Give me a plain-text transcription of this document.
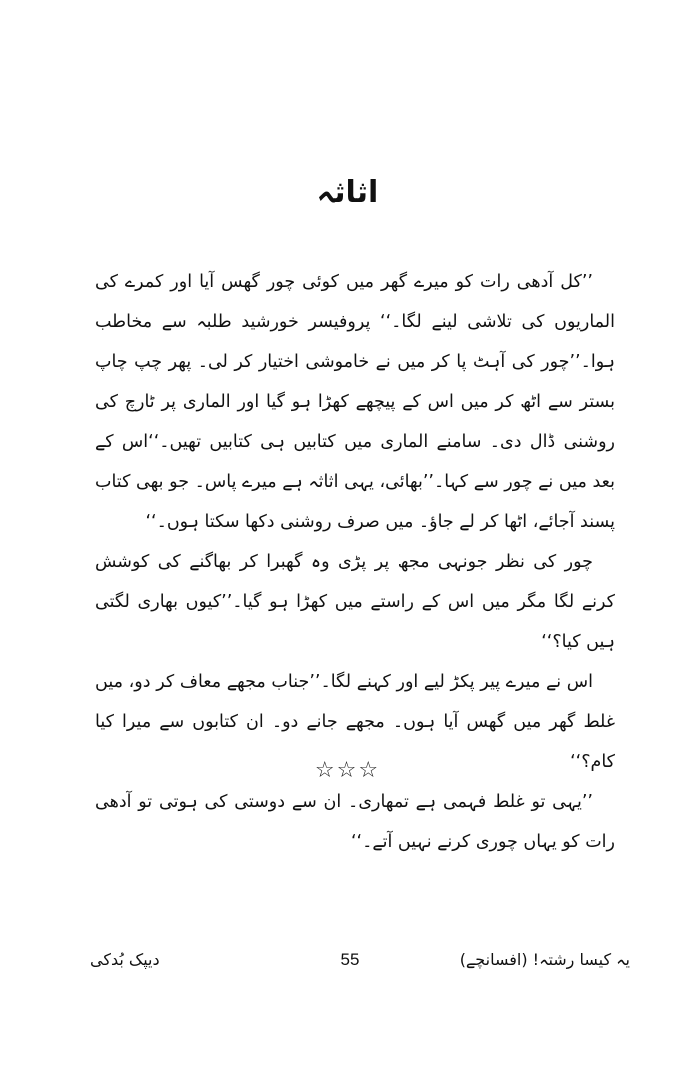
اثاثہ

’’کل آدھی رات کو میرے گھر میں کوئی چور گھس آیا اور کمرے کی الماریوں کی تلاشی لینے لگا۔‘‘ پروفیسر خورشید طلبہ سے مخاطب ہوا۔’’چور کی آہٹ پا کر میں نے خاموشی اختیار کر لی۔ پھر چپ چاپ بستر سے اٹھ کر میں اس کے پیچھے کھڑا ہو گیا اور الماری پر ٹارچ کی روشنی ڈال دی۔ سامنے الماری میں کتابیں ہی کتابیں تھیں۔‘‘اس کے بعد میں نے چور سے کہا۔’’بھائی، یہی اثاثہ ہے میرے پاس۔ جو بھی کتاب پسند آجائے، اٹھا کر لے جاؤ۔ میں صرف روشنی دکھا سکتا ہوں۔‘‘

چور کی نظر جونہی مجھ پر پڑی وہ گھبرا کر بھاگنے کی کوشش کرنے لگا مگر میں اس کے راستے میں کھڑا ہو گیا۔’’کیوں بھاری لگتی ہیں کیا؟‘‘

اس نے میرے پیر پکڑ لیے اور کہنے لگا۔’’جناب مجھے معاف کر دو، میں غلط گھر میں گھس آیا ہوں۔ مجھے جانے دو۔ ان کتابوں سے میرا کیا کام؟‘‘

’’یہی تو غلط فہمی ہے تمھاری۔ ان سے دوستی کی ہوتی تو آدھی رات کو یہاں چوری کرنے نہیں آتے۔‘‘

☆☆☆
یہ کیسا رشتہ! (افسانچے)
55
دیپک بُدکی
